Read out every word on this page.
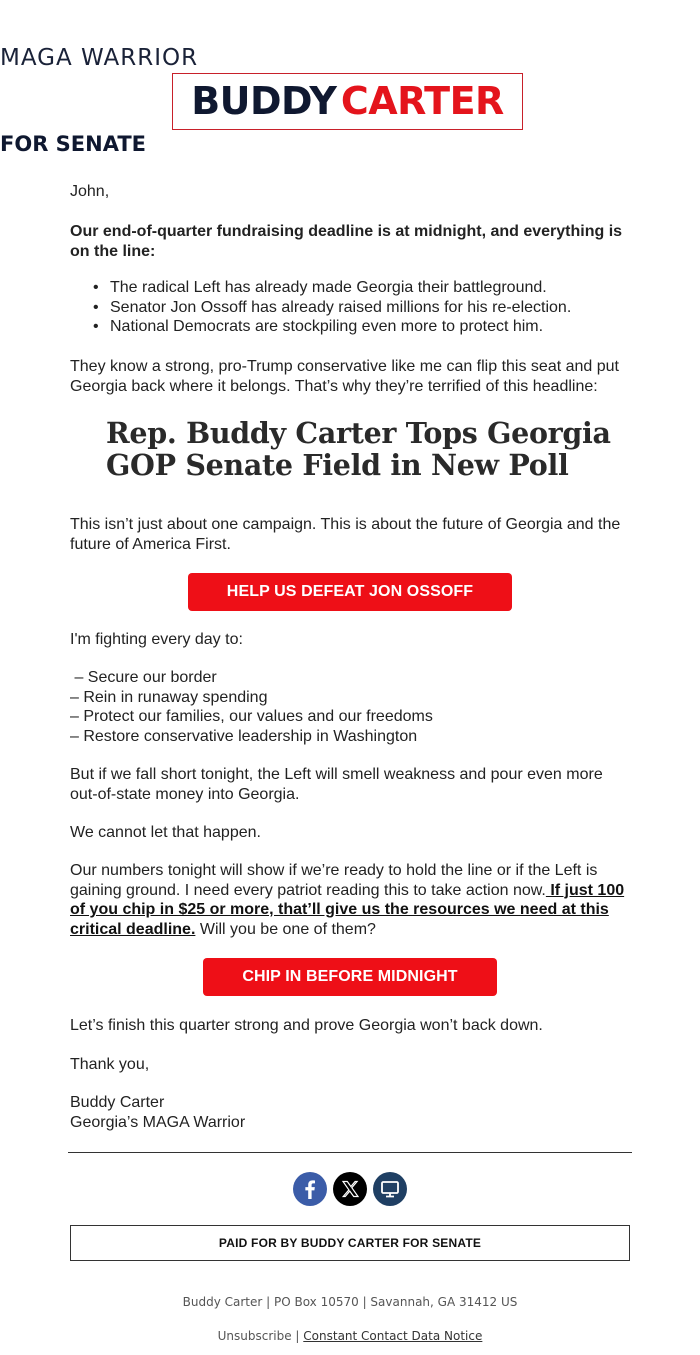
MAGA WARRIOR
BUDDY CARTER
FOR SENATE
John,
Our end-of-quarter fundraising deadline is at midnight, and everything is on the line:
• The radical Left has already made Georgia their battleground.
• Senator Jon Ossoff has already raised millions for his re-election.
• National Democrats are stockpiling even more to protect him.
They know a strong, pro-Trump conservative like me can flip this seat and put Georgia back where it belongs. That’s why they’re terrified of this headline:
Rep. Buddy Carter Tops Georgia
GOP Senate Field in New Poll
This isn’t just about one campaign. This is about the future of Georgia and the future of America First.
HELP US DEFEAT JON OSSOFF
I'm fighting every day to:
– Secure our border
– Rein in runaway spending
– Protect our families, our values and our freedoms
– Restore conservative leadership in Washington
But if we fall short tonight, the Left will smell weakness and pour even more out-of-state money into Georgia.
We cannot let that happen.
Our numbers tonight will show if we’re ready to hold the line or if the Left is gaining ground. I need every patriot reading this to take action now. If just 100 of you chip in $25 or more, that’ll give us the resources we need at this critical deadline. Will you be one of them?
CHIP IN BEFORE MIDNIGHT
Let’s finish this quarter strong and prove Georgia won’t back down.
Thank you,
Buddy Carter
Georgia’s MAGA Warrior
PAID FOR BY BUDDY CARTER FOR SENATE
Buddy Carter | PO Box 10570 | Savannah, GA 31412 US
Unsubscribe | Constant Contact Data Notice
